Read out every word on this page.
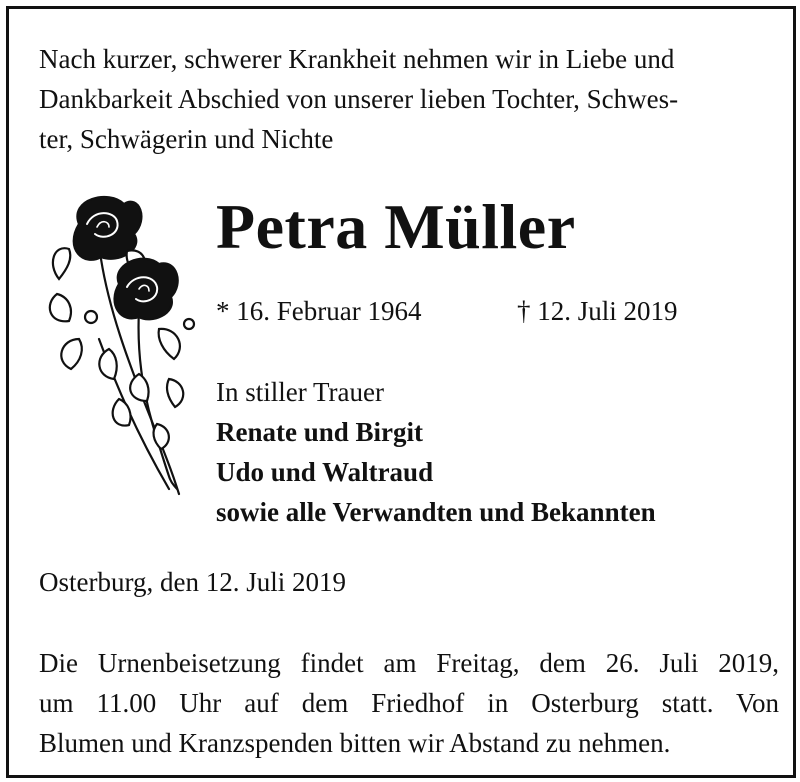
Nach kurzer, schwerer Krankheit nehmen wir in Liebe und
Dankbarkeit Abschied von unserer lieben Tochter, Schwes-
ter, Schwägerin und Nichte
Petra Müller
* 16. Februar 1964	† 12. Juli 2019
In stiller Trauer
Renate und Birgit
Udo und Waltraud
sowie alle Verwandten und Bekannten
Osterburg, den 12. Juli 2019
Die Urnenbeisetzung findet am Freitag, dem 26. Juli 2019,
um 11.00 Uhr auf dem Friedhof in Osterburg statt. Von
Blumen und Kranzspenden bitten wir Abstand zu nehmen.
